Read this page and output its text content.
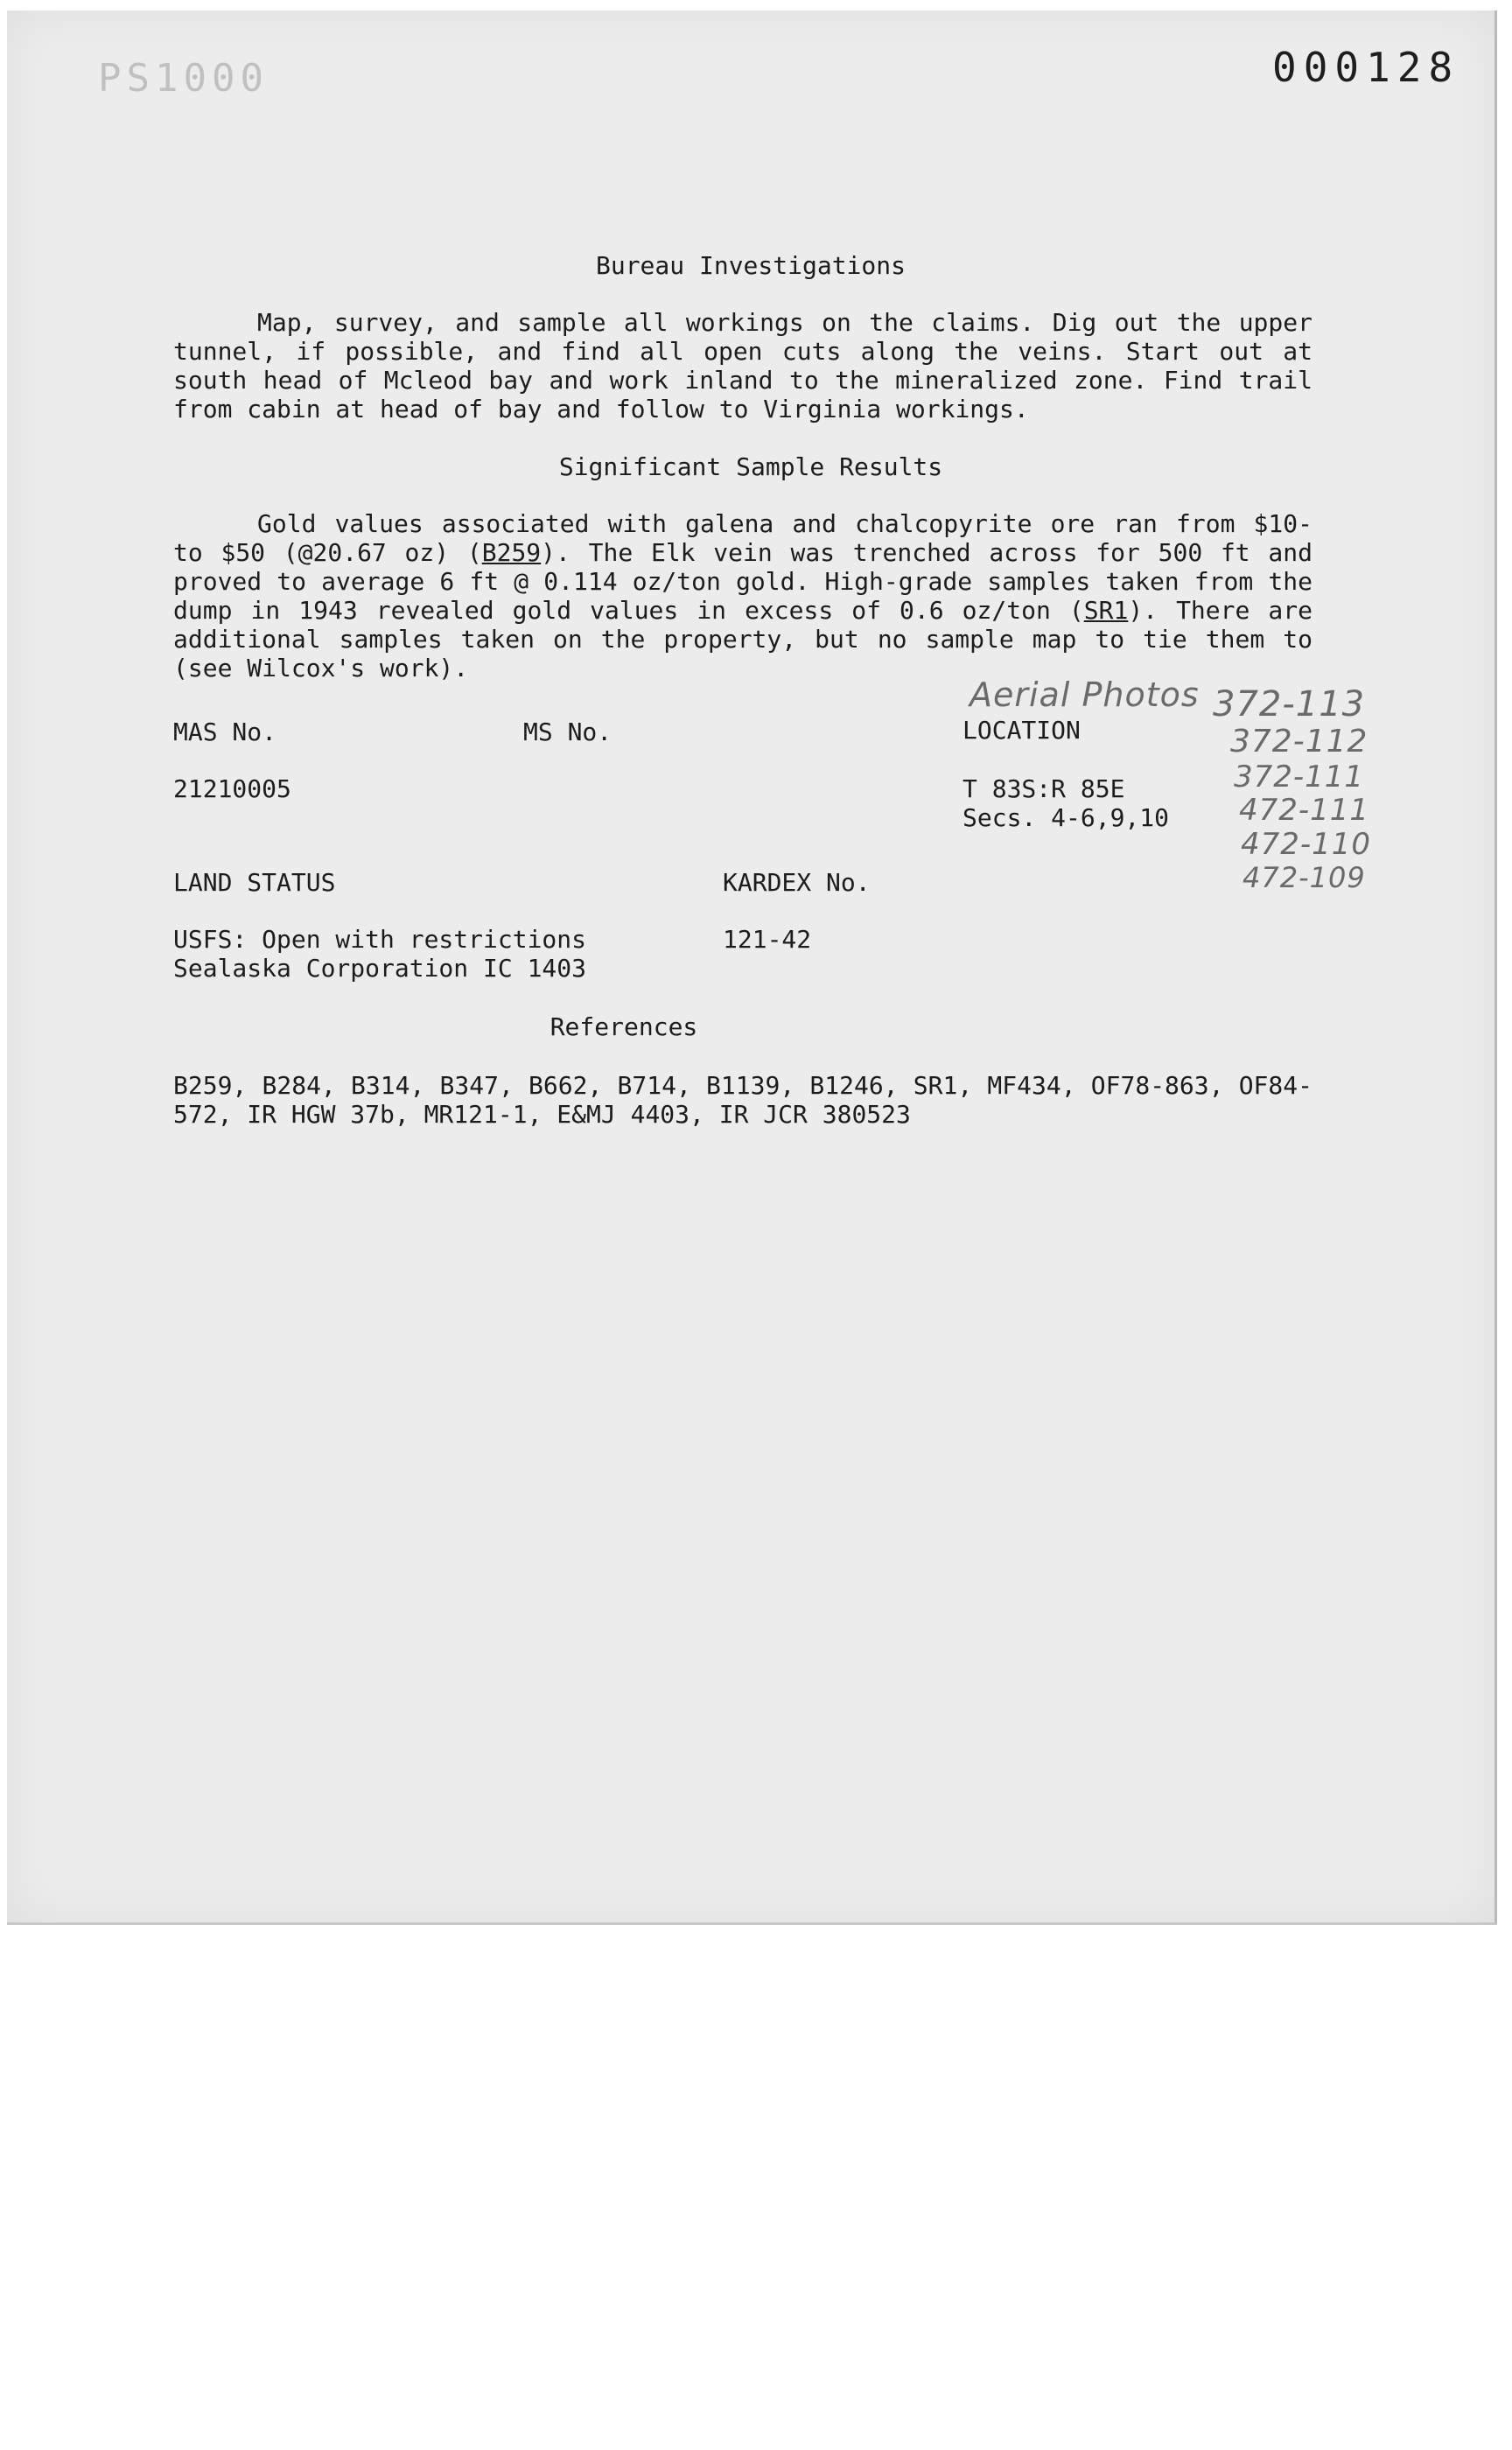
PS1000	000128
Bureau Investigations

Map, survey, and sample all workings on the claims. Dig out the upper tunnel, if possible, and find all open cuts along the veins. Start out at south head of Mcleod bay and work inland to the mineralized zone. Find trail from cabin at head of bay and follow to Virginia workings.

Significant Sample Results

Gold values associated with galena and chalcopyrite ore ran from $10- to $50 (@20.67 oz) (B259). The Elk vein was trenched across for 500 ft and proved to average 6 ft @ 0.114 oz/ton gold. High-grade samples taken from the dump in 1943 revealed gold values in excess of 0.6 oz/ton (SR1). There are additional samples taken on the property, but no sample map to tie them to (see Wilcox's work).

MAS No.
21210005
MS No.	LOCATION
T 83S:R 85E
Secs. 4-6,9,10
Aerial Photos 372-113
372-112
372-111
472-111
472-110
472-109
LAND STATUS
USFS: Open with restrictions
Sealaska Corporation IC 1403
KARDEX No.
121-42
References
B259, B284, B314, B347, B662, B714, B1139, B1246, SR1, MF434, OF78-863, OF84-572, IR HGW 37b, MR121-1, E&MJ 4403, IR JCR 380523
